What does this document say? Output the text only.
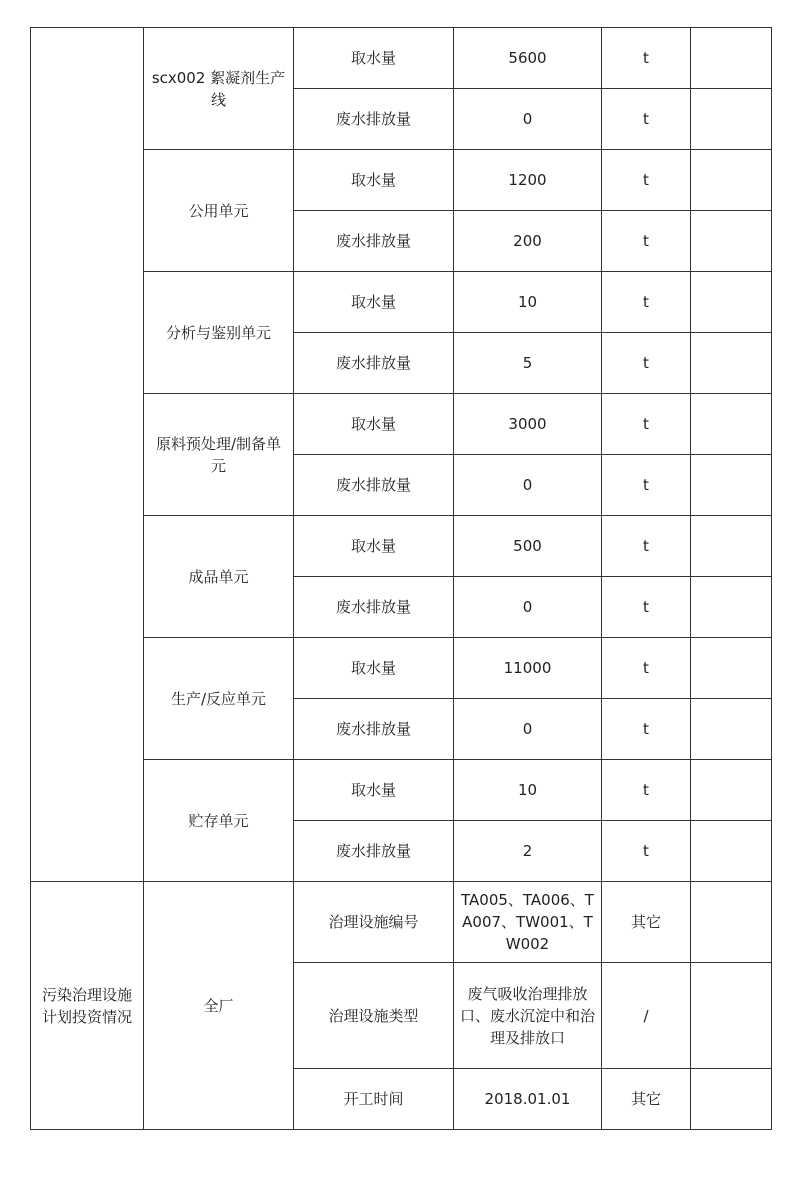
	scx002 絮凝剂生产线	取水量	5600	t	
		废水排放量	0	t	
	公用单元	取水量	1200	t	
		废水排放量	200	t	
	分析与鉴别单元	取水量	10	t	
		废水排放量	5	t	
	原料预处理/制备单元	取水量	3000	t	
		废水排放量	0	t	
	成品单元	取水量	500	t	
		废水排放量	0	t	
	生产/反应单元	取水量	11000	t	
		废水排放量	0	t	
	贮存单元	取水量	10	t	
		废水排放量	2	t	
污染治理设施计划投资情况	全厂	治理设施编号	TA005、TA006、TA007、TW001、TW002	其它	
		治理设施类型	废气吸收治理排放口、废水沉淀中和治理及排放口	/	
		开工时间	2018.01.01	其它	
